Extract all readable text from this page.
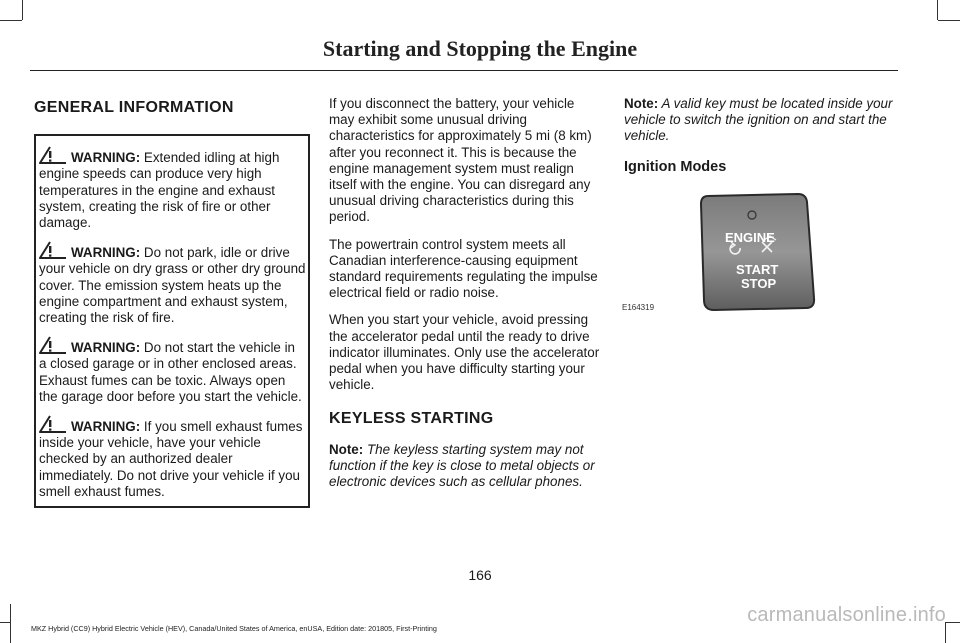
Starting and Stopping the Engine
GENERAL INFORMATION
WARNING: Extended idling at high engine speeds can produce very high temperatures in the engine and exhaust system, creating the risk of fire or other damage.
WARNING: Do not park, idle or drive your vehicle on dry grass or other dry ground cover. The emission system heats up the engine compartment and exhaust system, creating the risk of fire.
WARNING: Do not start the vehicle in a closed garage or in other enclosed areas. Exhaust fumes can be toxic. Always open the garage door before you start the vehicle.
WARNING: If you smell exhaust fumes inside your vehicle, have your vehicle checked by an authorized dealer immediately. Do not drive your vehicle if you smell exhaust fumes.

If you disconnect the battery, your vehicle may exhibit some unusual driving characteristics for approximately 5 mi (8 km) after you reconnect it. This is because the engine management system must realign itself with the engine. You can disregard any unusual driving characteristics during this period.

The powertrain control system meets all Canadian interference-causing equipment standard requirements regulating the impulse electrical field or radio noise.

When you start your vehicle, avoid pressing the accelerator pedal until the ready to drive indicator illuminates. Only use the accelerator pedal when you have difficulty starting your vehicle.

KEYLESS STARTING

Note: The keyless starting system may not function if the key is close to metal objects or electronic devices such as cellular phones.

Note: A valid key must be located inside your vehicle to switch the ignition on and start the vehicle.

Ignition Modes
ENGINE
START
STOP
E164319
166
MKZ Hybrid (CC9) Hybrid Electric Vehicle (HEV), Canada/United States of America, enUSA, Edition date: 201805, First-Printing
carmanualsonline.info
